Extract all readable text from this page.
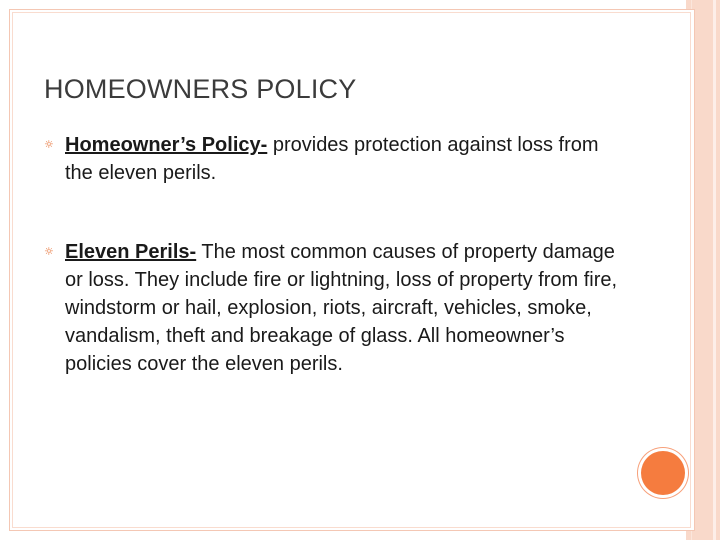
HOMEOWNERS POLICY
☼ Homeowner’s Policy- provides protection against loss from the eleven perils.
☼ Eleven Perils- The most common causes of property damage or loss. They include fire or lightning, loss of property from fire, windstorm or hail, explosion, riots, aircraft, vehicles, smoke, vandalism, theft and breakage of glass. All homeowner’s policies cover the eleven perils.
